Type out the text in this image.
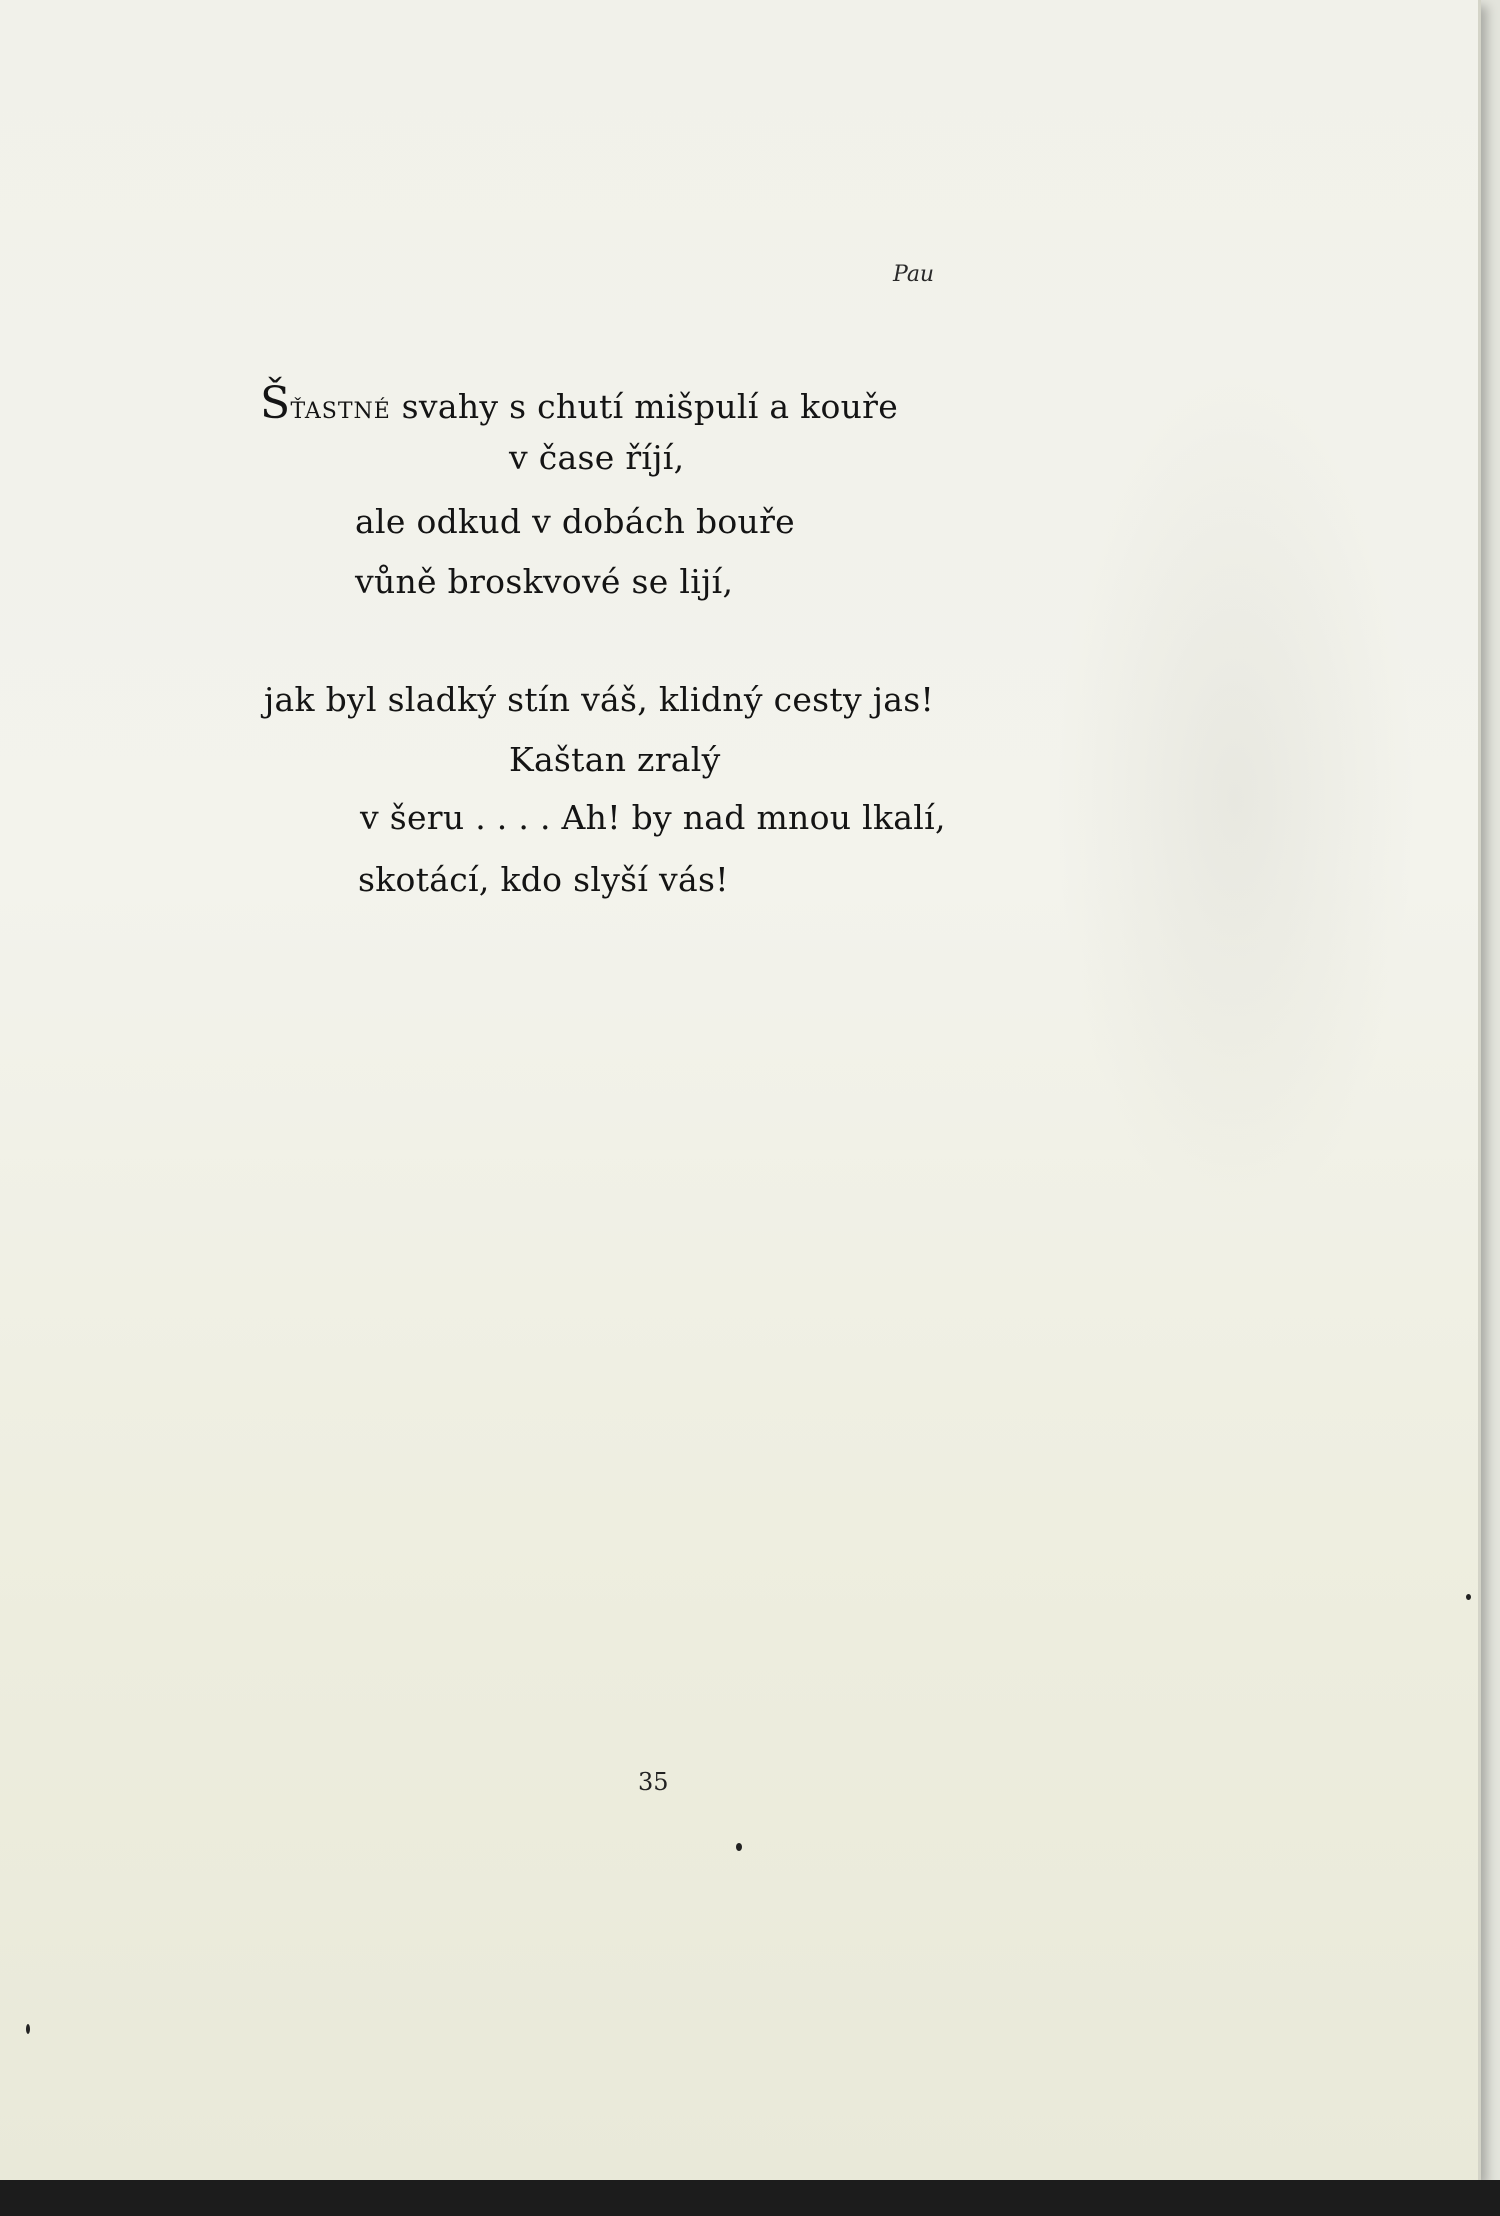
Pau
ŠŤASTNÉ svahy s chutí mišpulí a kouře
v čase říjí,
ale odkud v dobách bouře
vůně broskvové se lijí,
jak byl sladký stín váš, klidný cesty jas!
Kaštan zralý
v šeru . . . . Ah! by nad mnou lkalí,
skotácí, kdo slyší vás!
35
